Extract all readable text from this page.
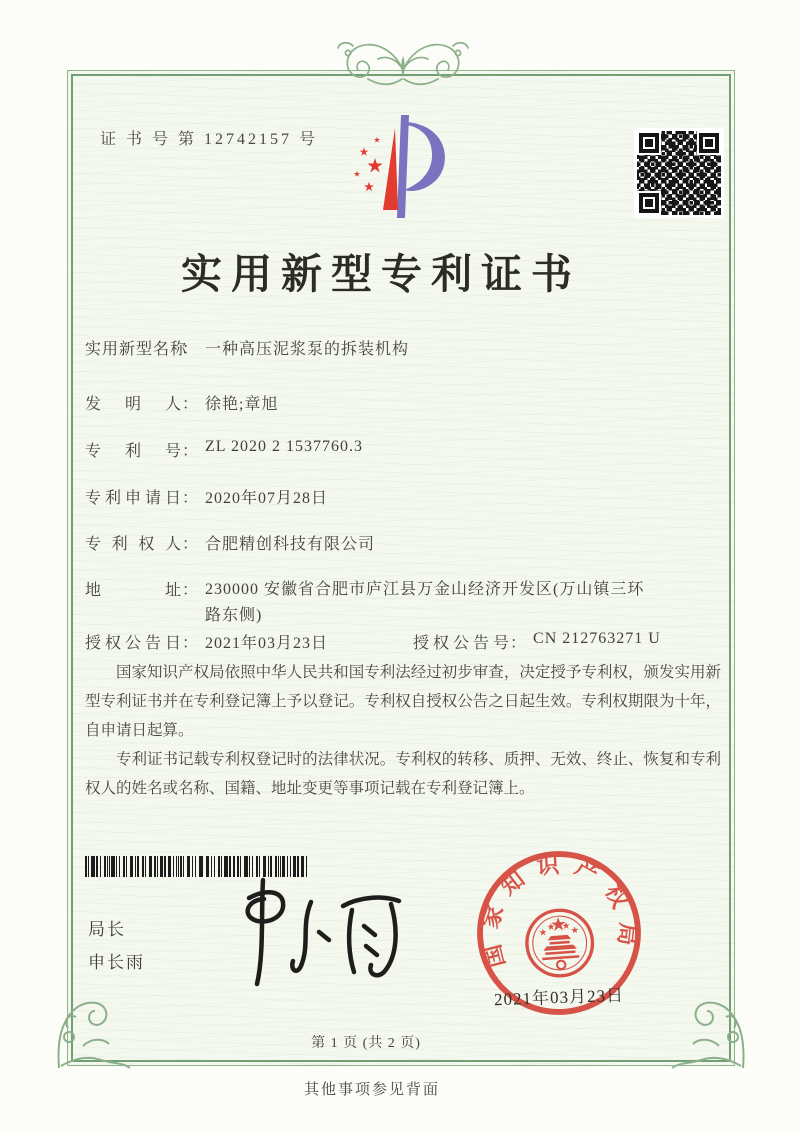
证 书 号 第 12742157 号
实用新型专利证书
实用新型名称： 一种高压泥浆泵的拆装机构
发明人： 徐艳;章旭
专利号： ZL 2020 2 1537760.3
专利申请日： 2020年07月28日
专利权人： 合肥精创科技有限公司
地址： 230000 安徽省合肥市庐江县万金山经济开发区(万山镇三环路东侧)
授权公告日： 2021年03月23日	授权公告号： CN 212763271 U

国家知识产权局依照中华人民共和国专利法经过初步审查，决定授予专利权，颁发实用新型专利证书并在专利登记簿上予以登记。专利权自授权公告之日起生效。专利权期限为十年，自申请日起算。

专利证书记载专利权登记时的法律状况。专利权的转移、质押、无效、终止、恢复和专利权人的姓名或名称、国籍、地址变更等事项记载在专利登记簿上。

局长
申长雨	国家知识产权局
2021年03月23日
第 1 页 (共 2 页)
其他事项参见背面
